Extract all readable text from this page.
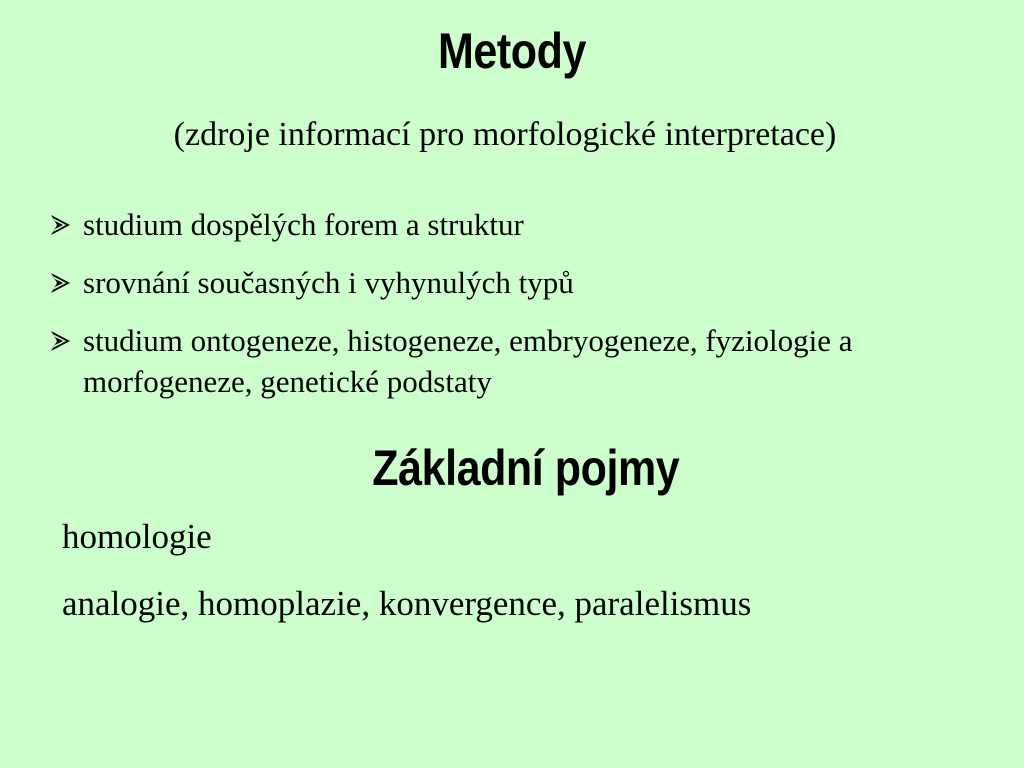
Metody
(zdroje informací pro morfologické interpretace)
studium dospělých forem a struktur
srovnání současných i vyhynulých typů
studium ontogeneze, histogeneze, embryogeneze, fyziologie a morfogeneze, genetické podstaty
Základní pojmy
homologie
analogie, homoplazie, konvergence, paralelismus
